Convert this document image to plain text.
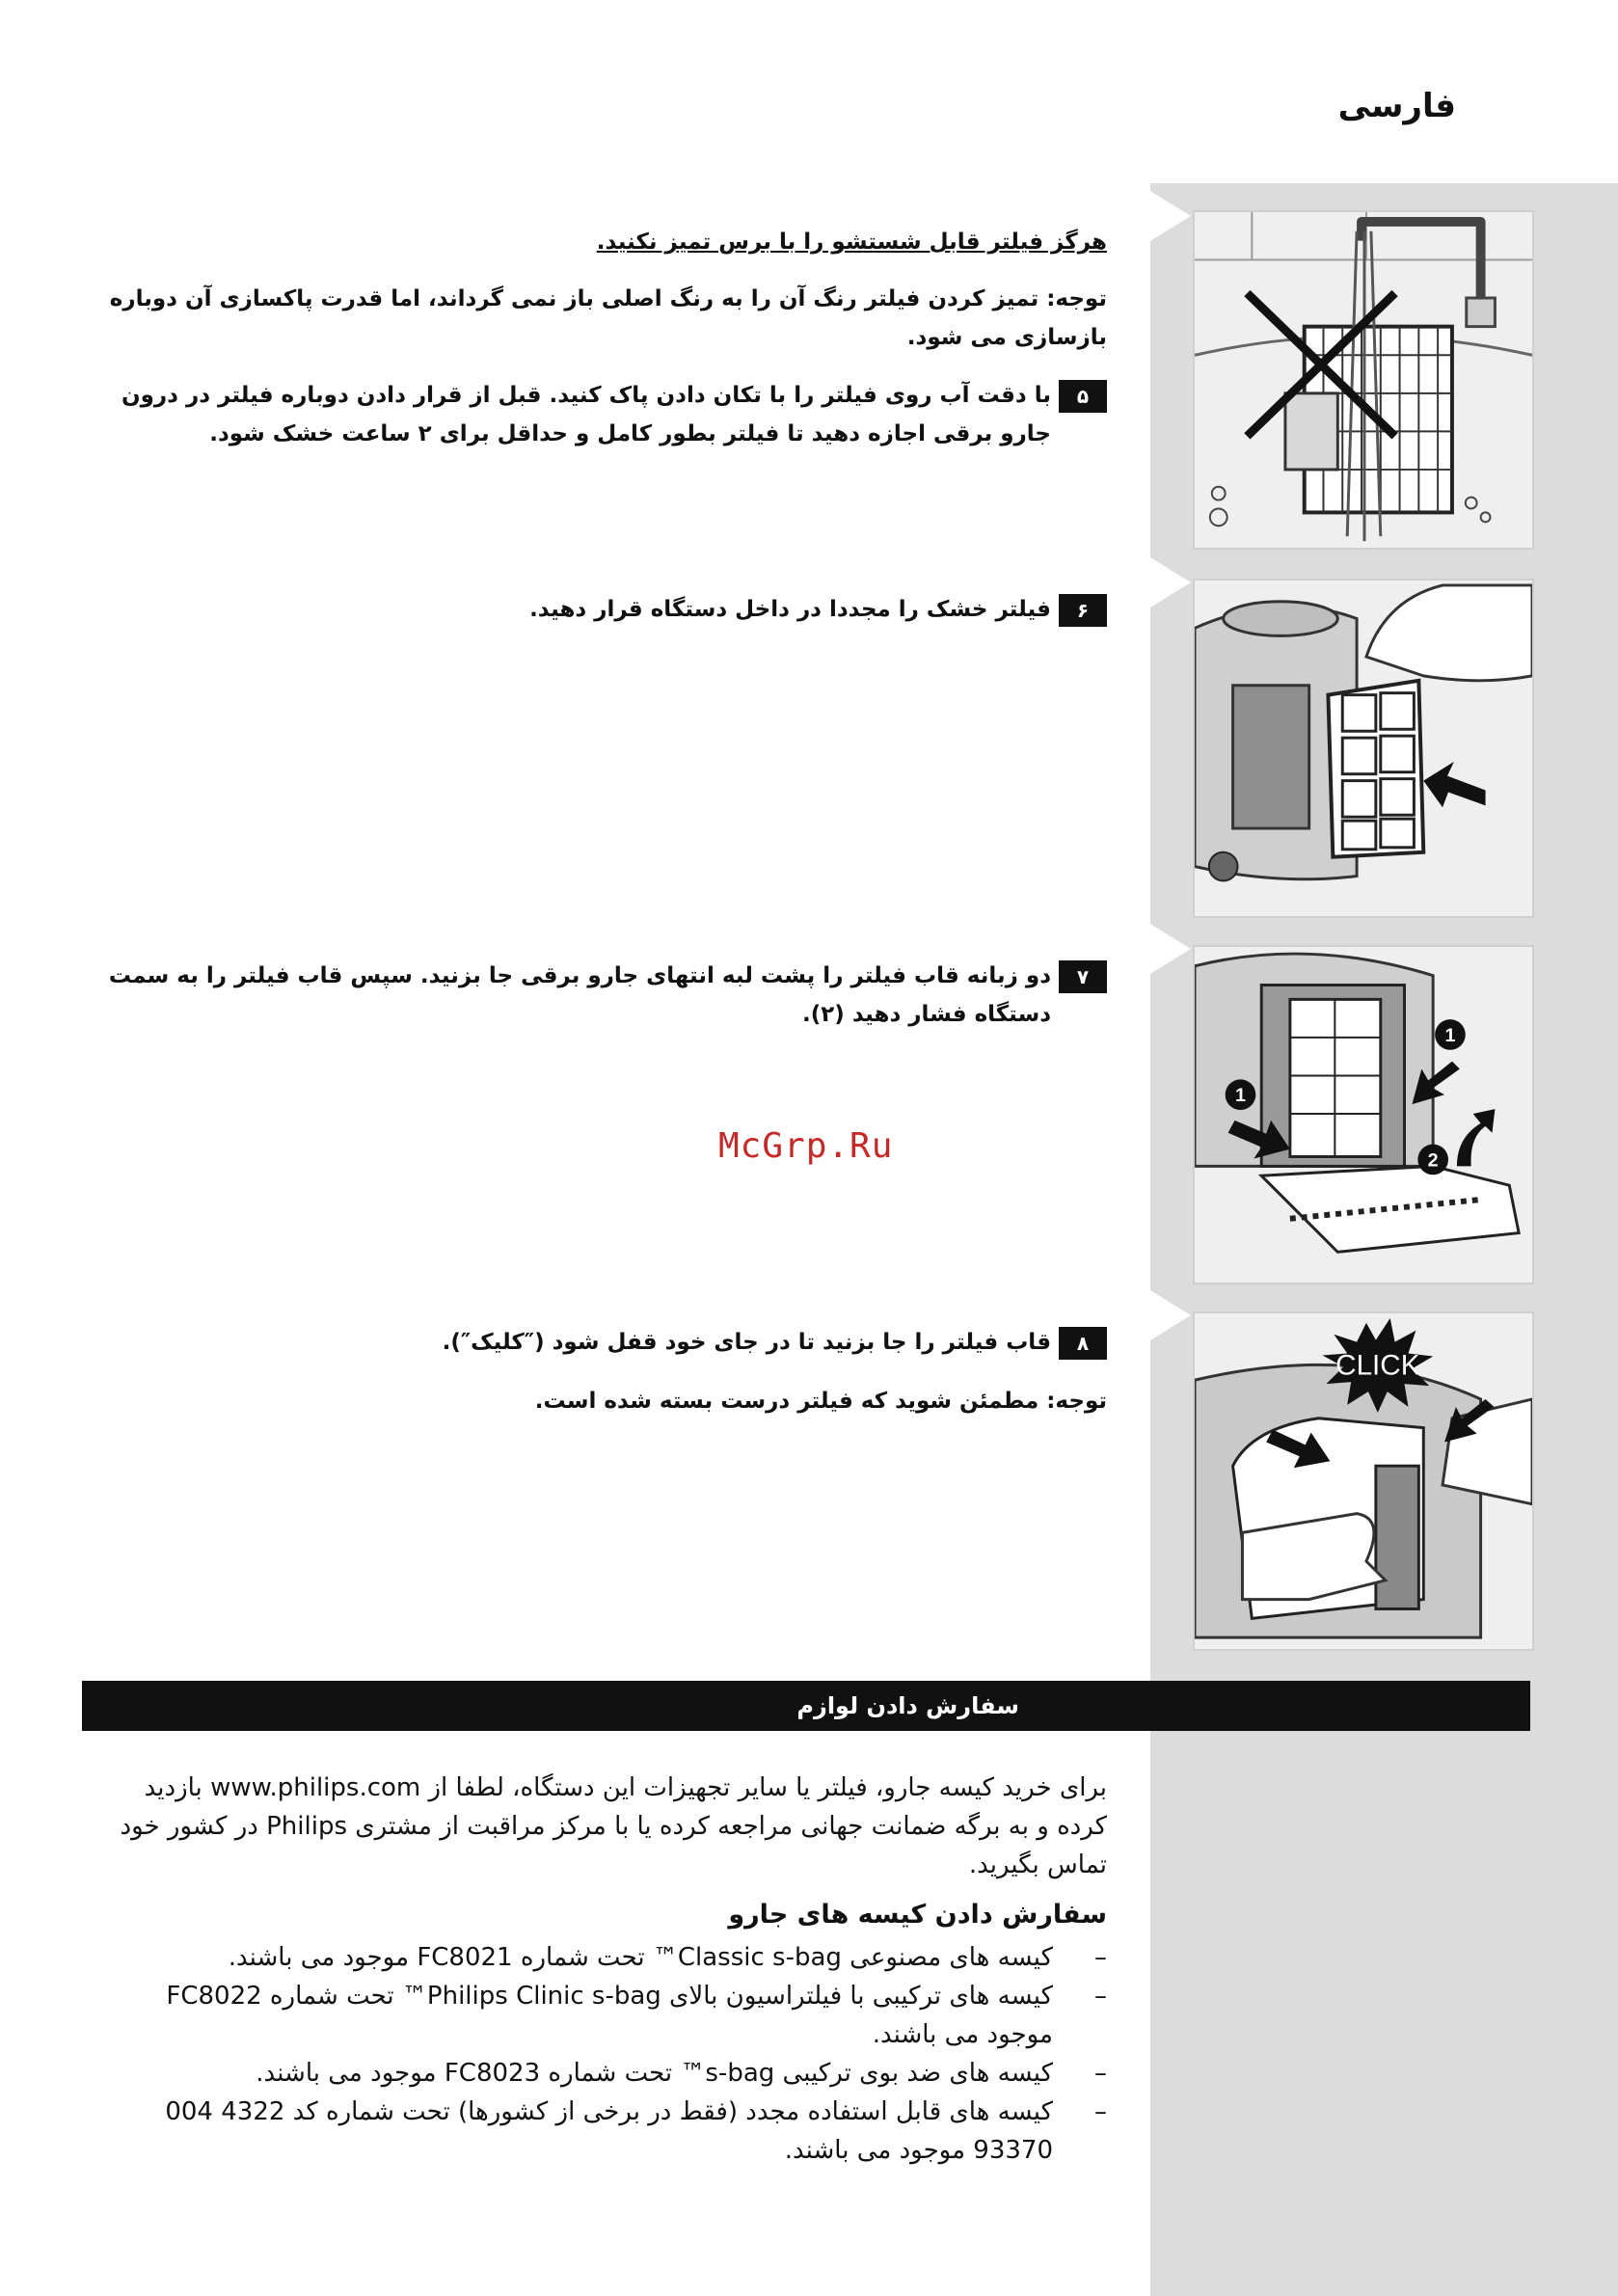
فارسی
هرگز فیلتر قابل شستشو را با برس تمیز نکنید.
توجه: تمیز کردن فیلتر رنگ آن را به رنگ اصلی باز نمی گرداند، اما قدرت پاکسازی آن دوباره بازسازی می شود.
۵
با دقت آب روی فیلتر را با تکان دادن پاک کنید. قبل از قرار دادن دوباره فیلتر در درون جارو برقی اجازه دهید تا فیلتر بطور کامل و حداقل برای ۲ ساعت خشک شود.
۶
فیلتر خشک را مجددا در داخل دستگاه قرار دهید.
۷
دو زبانه قاب فیلتر را پشت لبه انتهای جارو برقی جا بزنید. سپس قاب فیلتر را به سمت دستگاه فشار دهید (۲).
۸
قاب فیلتر را جا بزنید تا در جای خود قفل شود (″کلیک″).
توجه: مطمئن شوید که فیلتر درست بسته شده است.
1
1
2
CLICK
McGrp.Ru
سفارش دادن لوازم
برای خرید کیسه جارو، فیلتر یا سایر تجهیزات این دستگاه، لطفا از www.philips.com بازدید کرده و به برگه ضمانت جهانی مراجعه کرده یا با مرکز مراقبت از مشتری Philips در کشور خود تماس بگیرید.
سفارش دادن کیسه های جارو
–
کیسه های مصنوعی Classic s-bag™ تحت شماره FC8021 موجود می باشند.
–
کیسه های ترکیبی با فیلتراسیون بالای Philips Clinic s-bag™ تحت شماره FC8022 موجود می باشند.
–
کیسه های ضد بوی ترکیبی s-bag™ تحت شماره FC8023 موجود می باشند.
–
کیسه های قابل استفاده مجدد (فقط در برخی از کشورها) تحت شماره کد 4322 004 93370 موجود می باشند.
